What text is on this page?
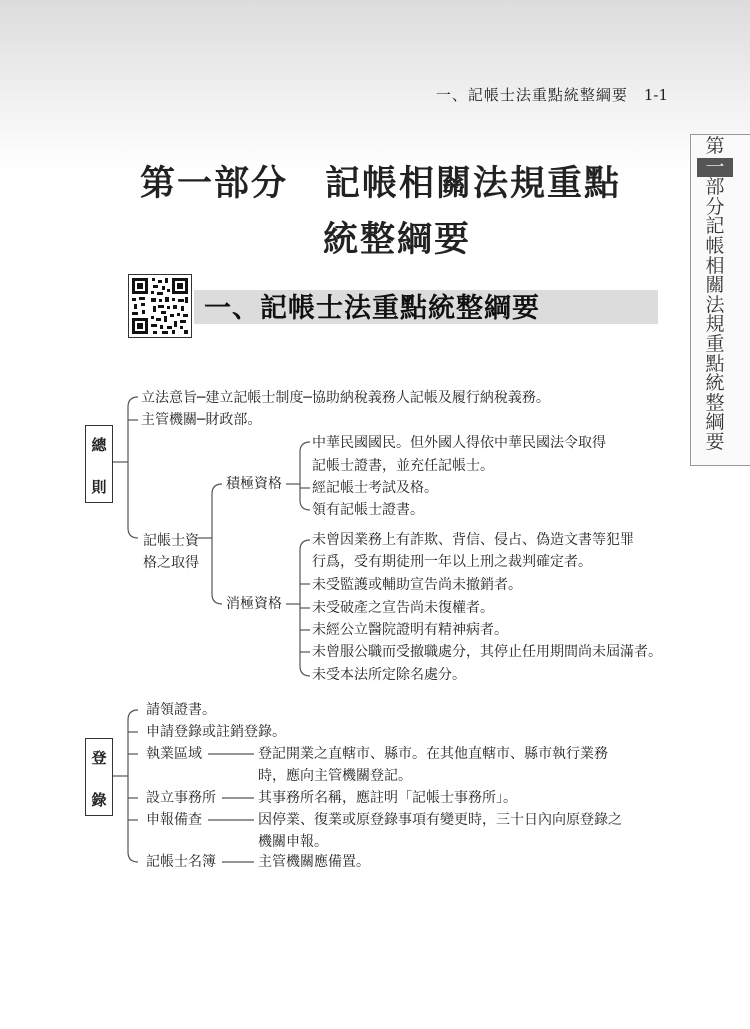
一、記帳士法重點統整綱要 1-1
第
一
部分記帳相關法規重點統整綱要
第一部分　記帳相關法規重點
統整綱要
一、記帳士法重點統整綱要
總
則
立法意旨─建立記帳士制度─協助納稅義務人記帳及履行納稅義務。
主管機關─財政部。
記帳士資
格之取得
積極資格
中華民國國民。但外國人得依中華民國法令取得
記帳士證書，並充任記帳士。
經記帳士考試及格。
領有記帳士證書。
消極資格
未曾因業務上有詐欺、背信、侵占、偽造文書等犯罪
行爲，受有期徒刑一年以上刑之裁判確定者。
未受監護或輔助宣告尚未撤銷者。
未受破產之宣告尚未復權者。
未經公立醫院證明有精神病者。
未曾服公職而受撤職處分，其停止任用期間尚未屆滿者。
未受本法所定除名處分。
登
錄
請領證書。
申請登錄或註銷登錄。
執業區域	登記開業之直轄市、縣市。在其他直轄市、縣市執行業務
時，應向主管機關登記。
設立事務所	其事務所名稱，應註明「記帳士事務所」。
申報備查	因停業、復業或原登錄事項有變更時，三十日內向原登錄之
機關申報。
記帳士名簿	主管機關應備置。
